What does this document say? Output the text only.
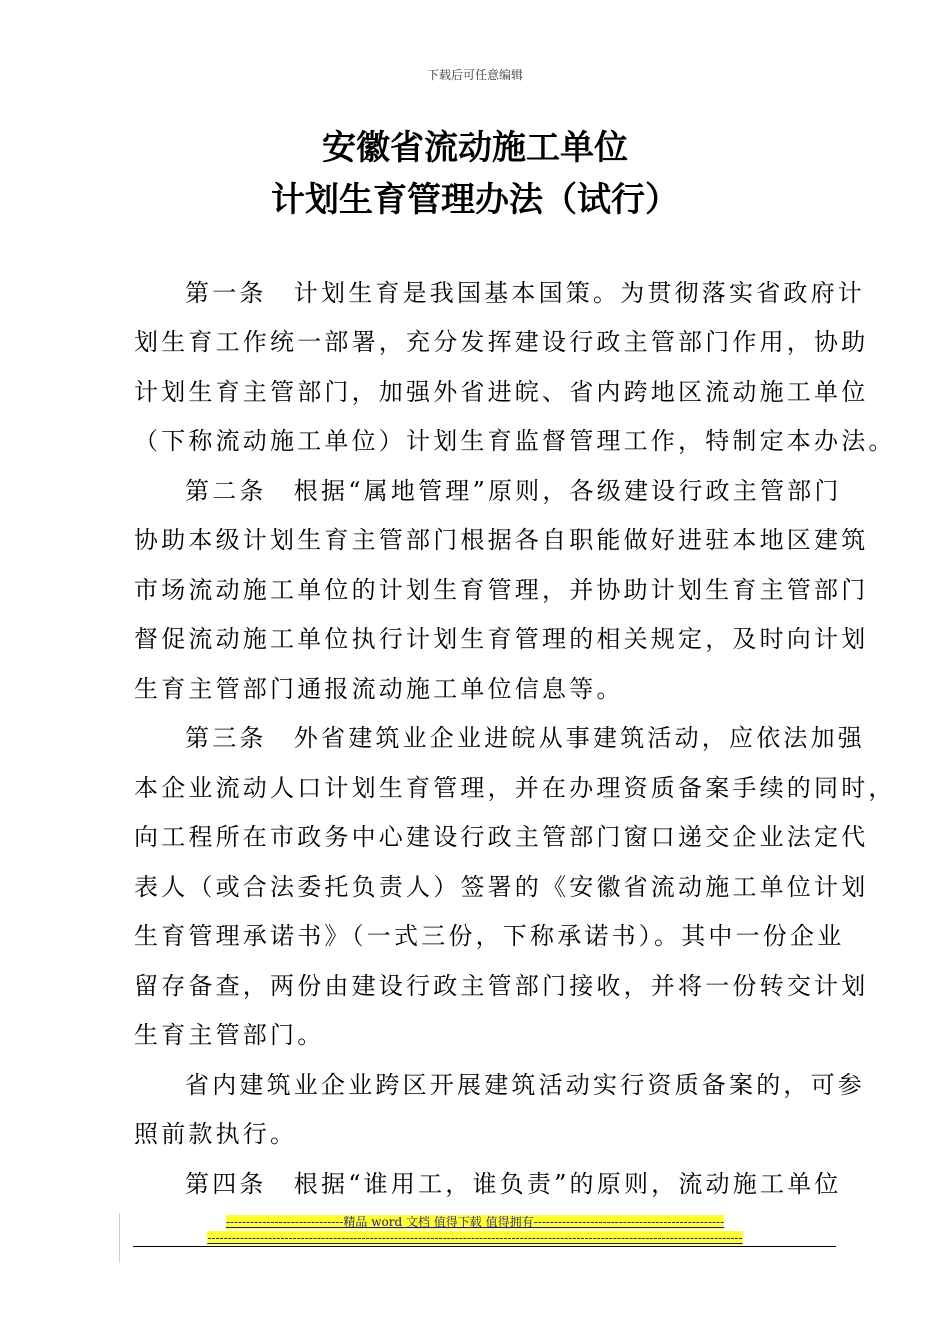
下载后可任意编辑
安徽省流动施工单位
计划生育管理办法（试行）
第一条　计划生育是我国基本国策。为贯彻落实省政府计
划生育工作统一部署，充分发挥建设行政主管部门作用，协助
计划生育主管部门，加强外省进皖、省内跨地区流动施工单位
（下称流动施工单位）计划生育监督管理工作，特制定本办法。
第二条　根据“属地管理”原则，各级建设行政主管部门
协助本级计划生育主管部门根据各自职能做好进驻本地区建筑
市场流动施工单位的计划生育管理，并协助计划生育主管部门
督促流动施工单位执行计划生育管理的相关规定，及时向计划
生育主管部门通报流动施工单位信息等。
第三条　外省建筑业企业进皖从事建筑活动，应依法加强
本企业流动人口计划生育管理，并在办理资质备案手续的同时，
向工程所在市政务中心建设行政主管部门窗口递交企业法定代
表人（或合法委托负责人）签署的《安徽省流动施工单位计划
生育管理承诺书》（一式三份，下称承诺书）。其中一份企业
留存备查，两份由建设行政主管部门接收，并将一份转交计划
生育主管部门。
省内建筑业企业跨区开展建筑活动实行资质备案的，可参
照前款执行。
第四条　根据“谁用工，谁负责”的原则，流动施工单位
-----------------------------精品 word 文档 值得下载 值得拥有-----------------------------------------------
------------------------------------------------------------------------------------------------------------------------------------
